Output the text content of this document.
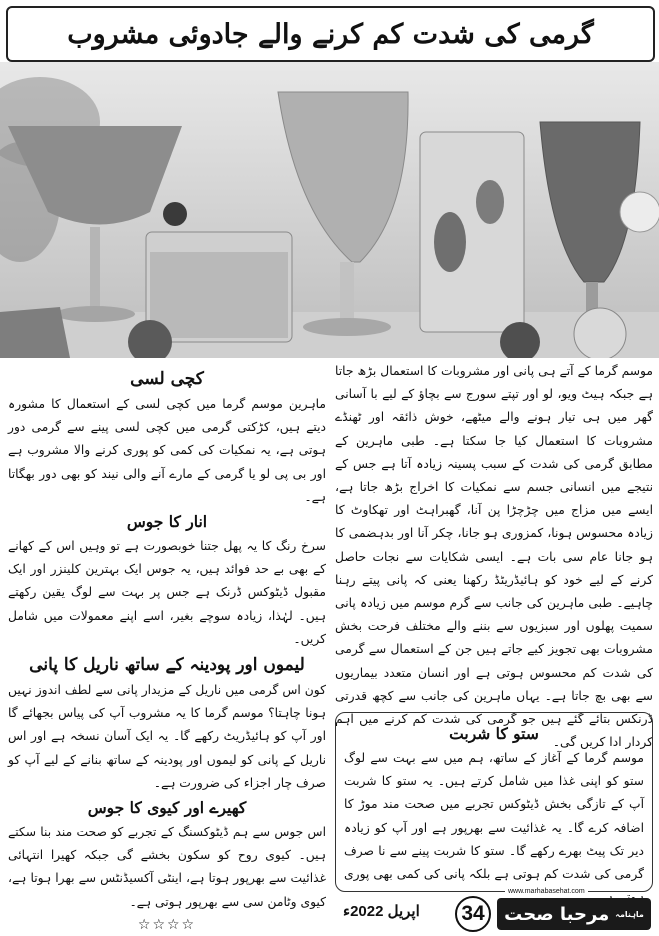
گرمی کی شدت کم کرنے والے جادوئی مشروب

موسم گرما کے آتے ہی پانی اور مشروبات کا استعمال بڑھ جاتا ہے جبکہ ہیٹ ویو، لو اور تپتے سورج سے بچاؤ کے لیے با آسانی گھر میں ہی تیار ہونے والے میٹھے، خوش ذائقہ اور ٹھنڈے مشروبات کا استعمال کیا جا سکتا ہے۔ طبی ماہرین کے مطابق گرمی کی شدت کے سبب پسینہ زیادہ آتا ہے جس کے نتیجے میں انسانی جسم سے نمکیات کا اخراج بڑھ جاتا ہے، ایسے میں مزاج میں چڑچڑا پن آنا، گھبراہٹ اور تھکاوٹ کا زیادہ محسوس ہونا، کمزوری ہو جانا، چکر آنا اور بدہضمی کا ہو جانا عام سی بات ہے۔ ایسی شکایات سے نجات حاصل کرنے کے لیے خود کو ہائیڈریٹڈ رکھنا یعنی کہ پانی پیتے رہنا چاہیے۔ طبی ماہرین کی جانب سے گرم موسم میں زیادہ پانی سمیت پھلوں اور سبزیوں سے بننے والے مختلف فرحت بخش مشروبات بھی تجویز کیے جاتے ہیں جن کے استعمال سے گرمی کی شدت کم محسوس ہوتی ہے اور انسان متعدد بیماریوں سے بھی بچ جاتا ہے۔ یہاں ماہرین کی جانب سے کچھ قدرتی ڈرنکس بتائے گئے ہیں جو گرمی کی شدت کم کرنے میں اہم کردار ادا کریں گی۔

ستو کا شربت

موسم گرما کے آغاز کے ساتھ، ہم میں سے بہت سے لوگ ستو کو اپنی غذا میں شامل کرتے ہیں۔ یہ ستو کا شربت آپ کے تازگی بخش ڈیٹوکس تجربے میں صحت مند موڑ کا اضافہ کرے گا۔ یہ غذائیت سے بھرپور ہے اور آپ کو زیادہ دیر تک پیٹ بھرے رکھے گا۔ ستو کا شربت پینے سے نا صرف گرمی کی شدت کم ہوتی ہے بلکہ پانی کی کمی بھی پوری

کچی لسی

ماہرین موسم گرما میں کچی لسی کے استعمال کا مشورہ دیتے ہیں، کڑکتی گرمی میں کچی لسی پینے سے گرمی دور ہوتی ہے، یہ نمکیات کی کمی کو پوری کرنے والا مشروب ہے اور بی پی لو یا گرمی کے مارے آنے والی نیند کو بھی دور بھگاتا ہے۔

انار کا جوس

سرخ رنگ کا یہ پھل جتنا خوبصورت ہے تو وہیں اس کے کھانے کے بھی بے حد فوائد ہیں، یہ جوس ایک بہترین کلینزر اور ایک مقبول ڈیٹوکس ڈرنک ہے جس پر بہت سے لوگ یقین رکھتے ہیں۔ لہٰذا، زیادہ سوچے بغیر، اسے اپنے معمولات میں شامل کریں۔

لیموں اور پودینہ کے ساتھ ناریل کا پانی

کون اس گرمی میں ناریل کے مزیدار پانی سے لطف اندوز نہیں ہونا چاہتا؟ موسم گرما کا یہ مشروب آپ کی پیاس بجھائے گا اور آپ کو ہائیڈریٹ رکھے گا۔ یہ ایک آسان نسخہ ہے اور اس ناریل کے پانی کو لیموں اور پودینہ کے ساتھ بنانے کے لیے آپ کو صرف چار اجزاء کی ضرورت ہے۔

کھیرے اور کیوی کا جوس

اس جوس سے ہم ڈیٹوکسنگ کے تجربے کو صحت مند بنا سکتے ہیں۔ کیوی روح کو سکون بخشے گی جبکہ کھیرا انتہائی غذائیت سے بھرپور ہوتا ہے، اینٹی آکسیڈنٹس سے بھرا ہوتا ہے، کیوی وٹامن سی سے بھرپور ہوتی ہے۔

☆☆☆☆
اپریل 2022ء	34	ماہنامہ
مرحبا صحت
www.marhabasehat.com
